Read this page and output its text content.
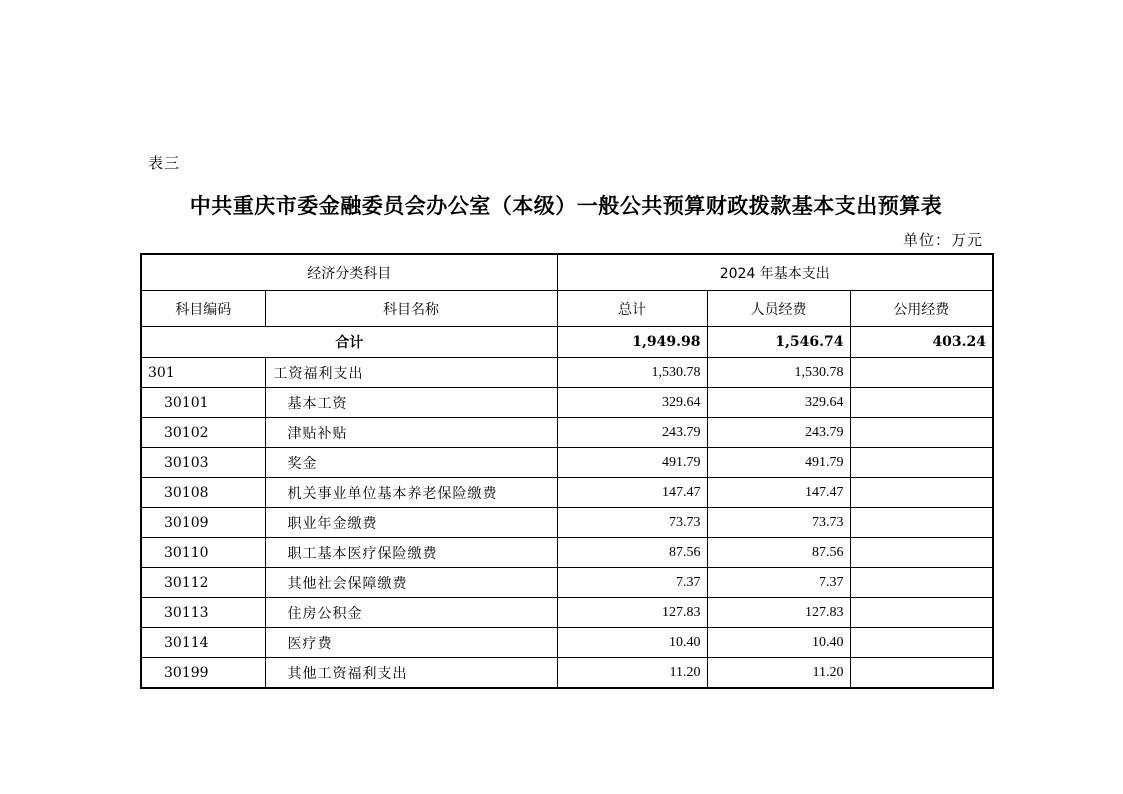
表三
中共重庆市委金融委员会办公室（本级）一般公共预算财政拨款基本支出预算表
单位：万元
经济分类科目		2024 年基本支出		
科目编码	科目名称	总计	人员经费	公用经费
合计		1,949.98	1,546.74	403.24
301	工资福利支出	1,530.78	1,530.78	
30101	基本工资	329.64	329.64	
30102	津贴补贴	243.79	243.79	
30103	奖金	491.79	491.79	
30108	机关事业单位基本养老保险缴费	147.47	147.47	
30109	职业年金缴费	73.73	73.73	
30110	职工基本医疗保险缴费	87.56	87.56	
30112	其他社会保障缴费	7.37	7.37	
30113	住房公积金	127.83	127.83	
30114	医疗费	10.40	10.40	
30199	其他工资福利支出	11.20	11.20	
